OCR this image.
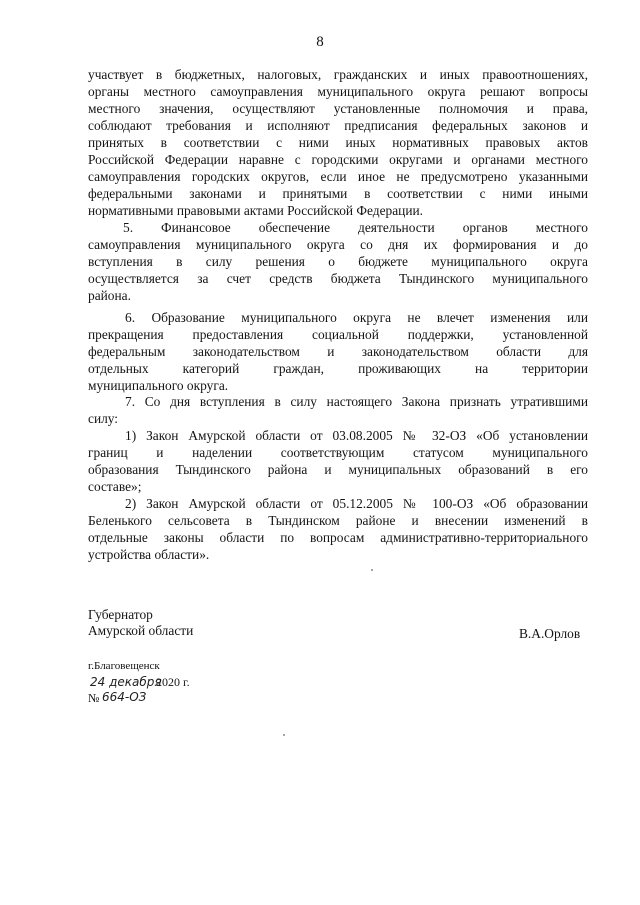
8
участвует в бюджетных, налоговых, гражданских и иных правоотношениях,
органы местного самоуправления муниципального округа решают вопросы
местного значения, осуществляют установленные полномочия и права,
соблюдают требования и исполняют предписания федеральных законов и
принятых в соответствии с ними иных нормативных правовых актов
Российской Федерации наравне с городскими округами и органами местного
самоуправления городских округов, если иное не предусмотрено указанными
федеральными законами и принятыми в соответствии с ними иными
нормативными правовыми актами Российской Федерации.
5. Финансовое обеспечение деятельности органов местного
самоуправления муниципального округа со дня их формирования и до
вступления в силу решения о бюджете муниципального округа
осуществляется за счет средств бюджета Тындинского муниципального
района.
6. Образование муниципального округа не влечет изменения или
прекращения предоставления социальной поддержки, установленной
федеральным законодательством и законодательством области для
отдельных категорий граждан, проживающих на территории
муниципального округа.
7. Со дня вступления в силу настоящего Закона признать утратившими
силу:
1) Закон Амурской области от 03.08.2005 № 32-ОЗ «Об установлении
границ и наделении соответствующим статусом муниципального
образования Тындинского района и муниципальных образований в его
составе»;
2) Закон Амурской области от 05.12.2005 № 100-ОЗ «Об образовании
Беленького сельсовета в Тындинском районе и внесении изменений в
отдельные законы области по вопросам административно-территориального
устройства области».
Губернатор
Амурской области	В.А.Орлов
г.Благовещенск
24 декабря
2020 г.
№ 664-ОЗ
